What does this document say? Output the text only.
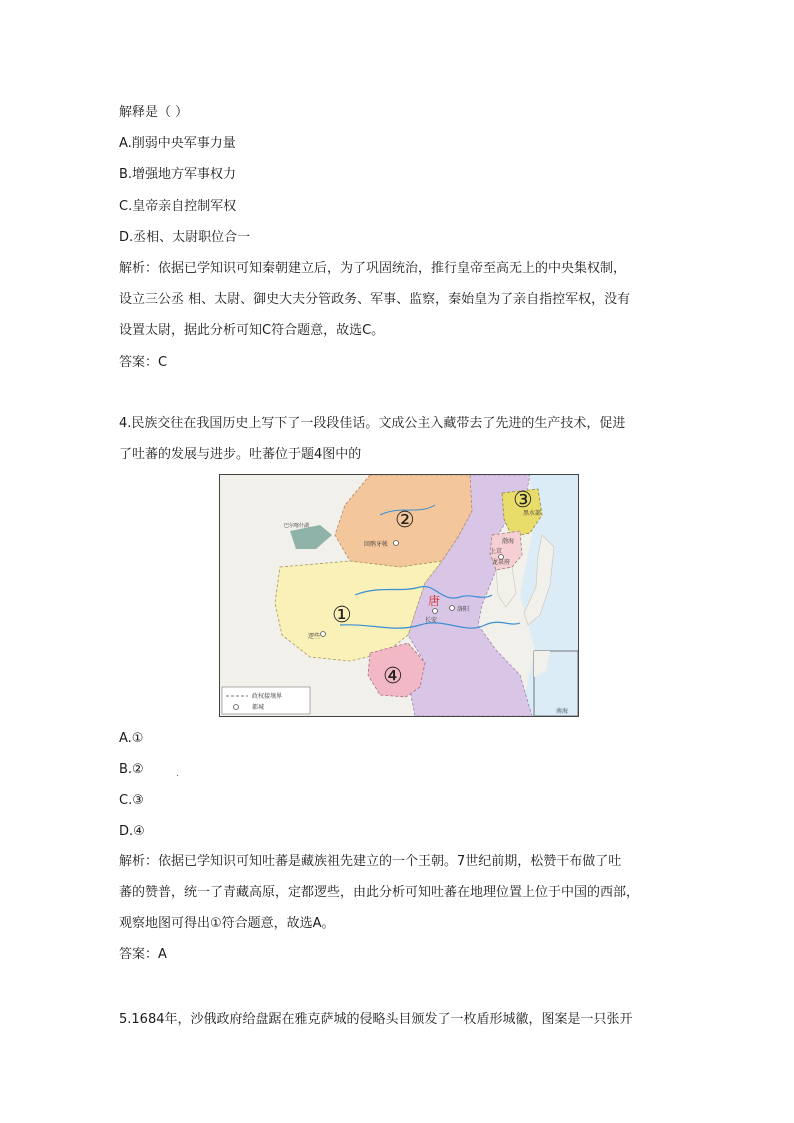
解释是（ ）
A.削弱中央军事力量
B.增强地方军事权力
C.皇帝亲自控制军权
D.丞相、太尉职位合一
解析：依据已学知识可知秦朝建立后，为了巩固统治，推行皇帝至高无上的中央集权制，
设立三公丞 相、太尉、御史大夫分管政务、军事、监察，秦始皇为了亲自指控军权，没有
设置太尉，据此分析可知C符合题意，故选C。
答案：C
4.民族交往在我国历史上写下了一段段佳话。文成公主入藏带去了先进的生产技术，促进
了吐蕃的发展与进步。吐蕃位于题4图中的
①
②
③
④
唐
逻些
回鹘牙帐
长安
洛阳
上京
龙泉府
渤海
黑水部
巴尔喀什湖
政权接壤界
都城
南海
A.①
B.②	.
C.③
D.④
解析：依据已学知识可知吐蕃是藏族祖先建立的一个王朝。7世纪前期，松赞干布做了吐
蕃的赞普，统一了青藏高原，定都逻些，由此分析可知吐蕃在地理位置上位于中国的西部，
观察地图可得出①符合题意，故选A。
答案：A
5.1684年，沙俄政府给盘踞在雅克萨城的侵略头目颁发了一枚盾形城徽，图案是一只张开
